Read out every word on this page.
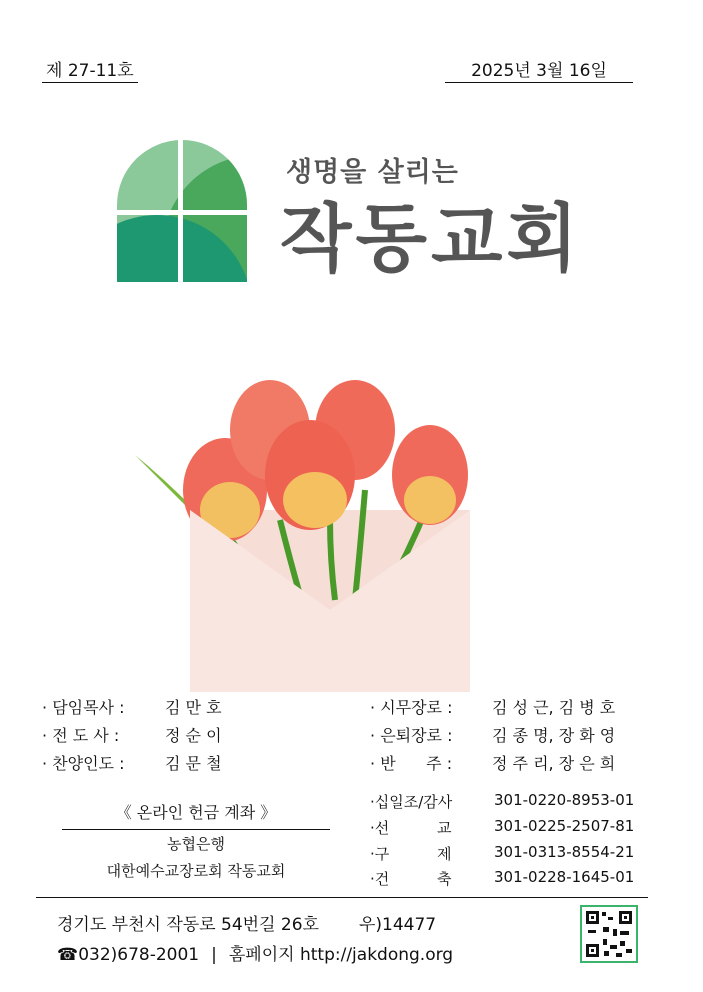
제 27-11호	2025년 3월 16일
생명을 살리는
작동교회
· 담임목사 :	김 만 호
· 전 도 사 :	정 순 이
· 찬양인도 :	김 문 철
· 시무장로 : 김 성 근, 김 병 호
· 은퇴장로 : 김 종 명, 장 화 영
· 반      주 : 정 주 리, 장 은 희
《 온라인 헌금 계좌 》
농협은행
대한예수교장로회 작동교회
·십일조/감사	301-0220-8953-01
·선          교	301-0225-2507-81
·구          제	301-0313-8554-21
·건          축	301-0228-1645-01
경기도 부천시 작동로 54번길 26호 우)14477
☎032)678-2001 | 홈페이지 http://jakdong.org
